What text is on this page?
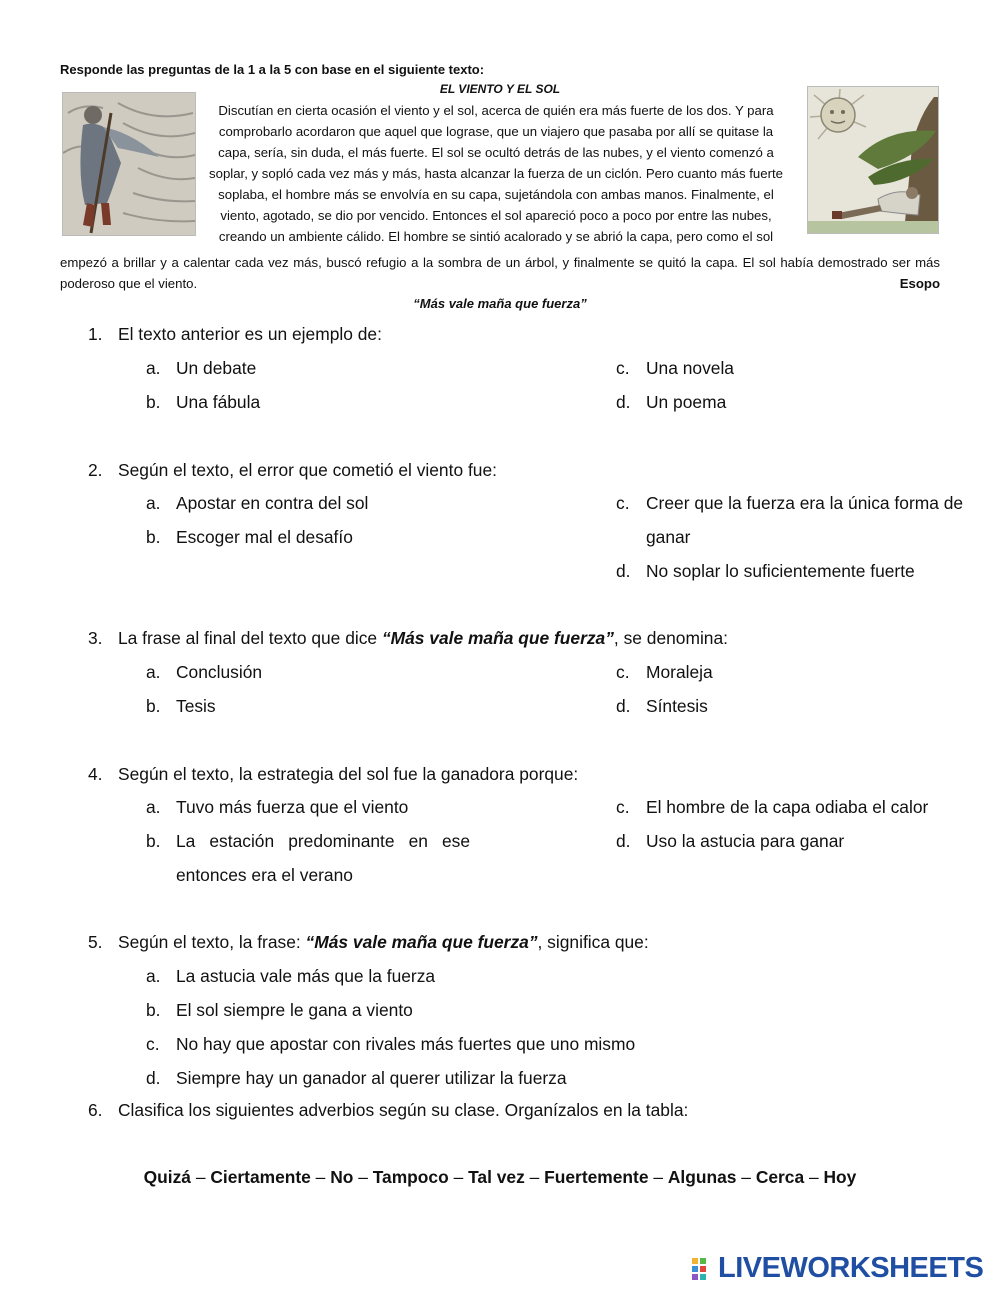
Responde las preguntas de la 1 a la 5 con base en el siguiente texto:
EL VIENTO Y EL SOL
Discutían en cierta ocasión el viento y el sol, acerca de quién era más fuerte de los dos. Y para
comprobarlo acordaron que aquel que lograse, que un viajero que pasaba por allí se quitase la
capa, sería, sin duda, el más fuerte. El sol se ocultó detrás de las nubes, y el viento comenzó a
soplar, y sopló cada vez más y más, hasta alcanzar la fuerza de un ciclón. Pero cuanto más fuerte
soplaba, el hombre más se envolvía en su capa, sujetándola con ambas manos. Finalmente, el
viento, agotado, se dio por vencido. Entonces el sol apareció poco a poco por entre las nubes,
creando un ambiente cálido. El hombre se sintió acalorado y se abrió la capa, pero como el sol
empezó a brillar y a calentar cada vez más, buscó refugio a la sombra de un árbol, y finalmente se quitó la capa. El sol había demostrado ser más
poderoso que el viento.	Esopo
“Más vale maña que fuerza”
1. El texto anterior es un ejemplo de:
a. Un debate
b. Una fábula
c. Una novela
d. Un poema
2. Según el texto, el error que cometió el viento fue:
a. Apostar en contra del sol
b. Escoger mal el desafío
c. Creer que la fuerza era la única forma de
ganar
d. No soplar lo suficientemente fuerte
3. La frase al final del texto que dice “Más vale maña que fuerza”, se denomina:
a. Conclusión
b. Tesis
c. Moraleja
d. Síntesis
4. Según el texto, la estrategia del sol fue la ganadora porque:
a. Tuvo más fuerza que el viento
b. La estación predominante en ese
entonces era el verano
c. El hombre de la capa odiaba el calor
d. Uso la astucia para ganar
5. Según el texto, la frase: “Más vale maña que fuerza”, significa que:
a. La astucia vale más que la fuerza
b. El sol siempre le gana a viento
c. No hay que apostar con rivales más fuertes que uno mismo
d. Siempre hay un ganador al querer utilizar la fuerza
6. Clasifica los siguientes adverbios según su clase. Organízalos en la tabla:
Quizá – Ciertamente – No – Tampoco – Tal vez – Fuertemente – Algunas – Cerca – Hoy
LIVEWORKSHEETS
